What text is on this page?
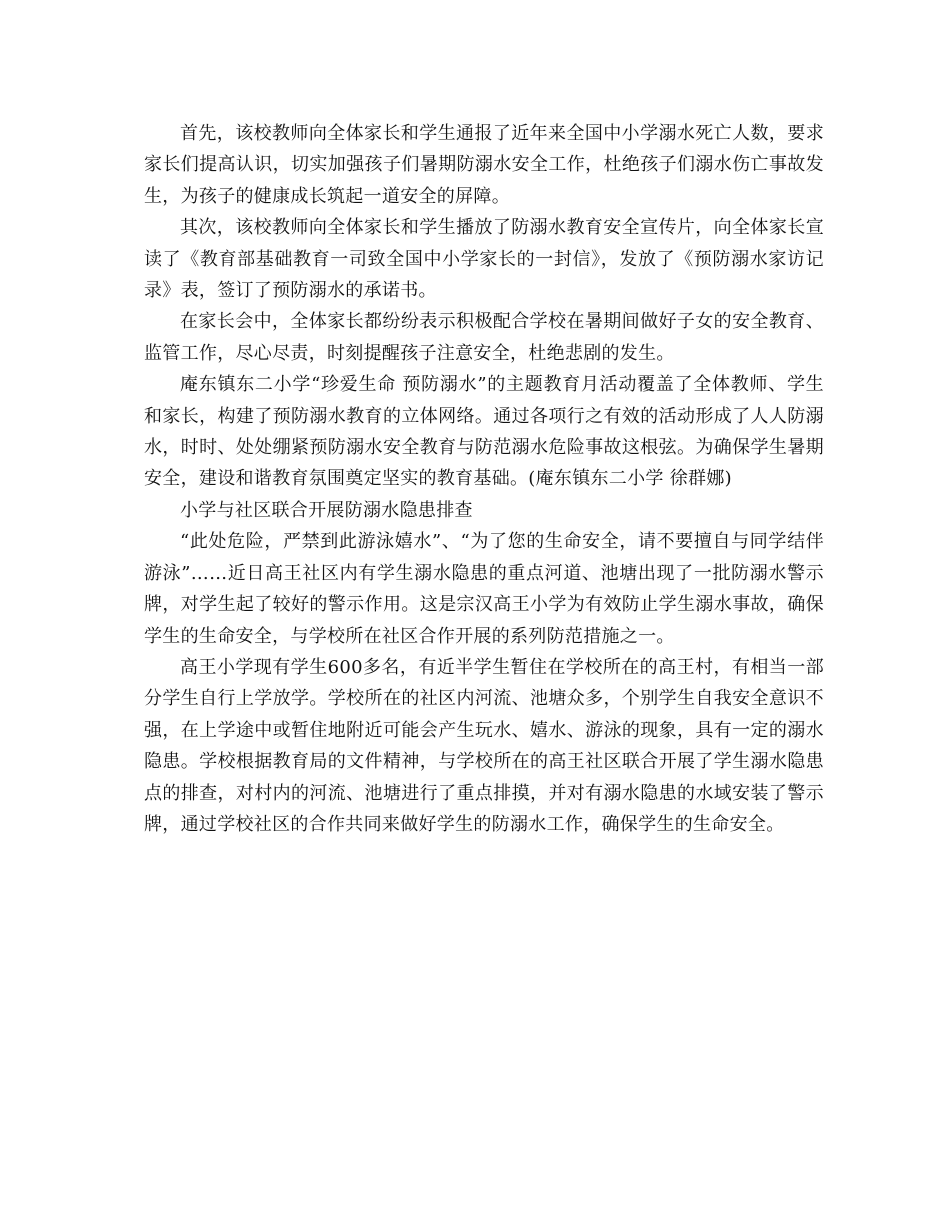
首先，该校教师向全体家长和学生通报了近年来全国中小学溺水死亡人数，要求家长们提高认识，切实加强孩子们暑期防溺水安全工作，杜绝孩子们溺水伤亡事故发生，为孩子的健康成长筑起一道安全的屏障。

其次，该校教师向全体家长和学生播放了防溺水教育安全宣传片，向全体家长宣读了《教育部基础教育一司致全国中小学家长的一封信》，发放了《预防溺水家访记录》表，签订了预防溺水的承诺书。

在家长会中，全体家长都纷纷表示积极配合学校在暑期间做好子女的安全教育、监管工作，尽心尽责，时刻提醒孩子注意安全，杜绝悲剧的发生。

庵东镇东二小学“珍爱生命 预防溺水”的主题教育月活动覆盖了全体教师、学生和家长，构建了预防溺水教育的立体网络。通过各项行之有效的活动形成了人人防溺水，时时、处处绷紧预防溺水安全教育与防范溺水危险事故这根弦。为确保学生暑期安全，建设和谐教育氛围奠定坚实的教育基础。(庵东镇东二小学 徐群娜)

小学与社区联合开展防溺水隐患排查

“此处危险，严禁到此游泳嬉水”、“为了您的生命安全，请不要擅自与同学结伴游泳”……近日高王社区内有学生溺水隐患的重点河道、池塘出现了一批防溺水警示牌，对学生起了较好的警示作用。这是宗汉高王小学为有效防止学生溺水事故，确保学生的生命安全，与学校所在社区合作开展的系列防范措施之一。

高王小学现有学生600多名，有近半学生暂住在学校所在的高王村，有相当一部分学生自行上学放学。学校所在的社区内河流、池塘众多，个别学生自我安全意识不强，在上学途中或暂住地附近可能会产生玩水、嬉水、游泳的现象，具有一定的溺水隐患。学校根据教育局的文件精神，与学校所在的高王社区联合开展了学生溺水隐患点的排查，对村内的河流、池塘进行了重点排摸，并对有溺水隐患的水域安装了警示牌，通过学校社区的合作共同来做好学生的防溺水工作，确保学生的生命安全。
